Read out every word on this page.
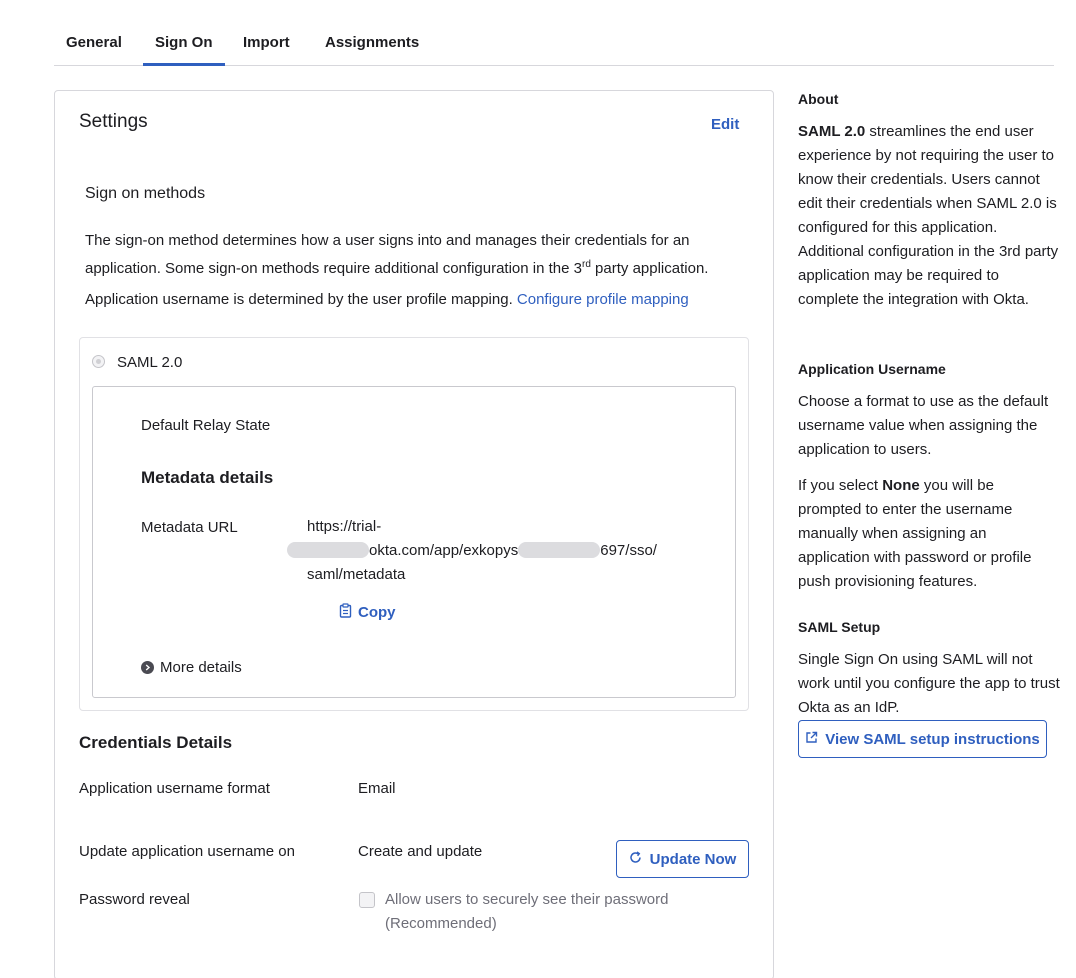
General Sign On Import Assignments
Settings	Edit
Sign on methods
The sign-on method determines how a user signs into and manages their credentials for an
application. Some sign-on methods require additional configuration in the 3rd party application.
Application username is determined by the user profile mapping. Configure profile mapping
SAML 2.0
Default Relay State
Metadata details
Metadata URL	https://trial-
okta.com/app/exkopys	697/sso/
saml/metadata
Copy
More details
Credentials Details
Application username format	Email
Update application username on	Create and update	Update Now
Password reveal	Allow users to securely see their password
(Recommended)
About
SAML 2.0 streamlines the end user experience by not requiring the user to know their credentials. Users cannot edit their credentials when SAML 2.0 is configured for this application. Additional configuration in the 3rd party application may be required to complete the integration with Okta.
Application Username
Choose a format to use as the default username value when assigning the application to users.
If you select None you will be prompted to enter the username manually when assigning an application with password or profile push provisioning features.
SAML Setup
Single Sign On using SAML will not work until you configure the app to trust Okta as an IdP.
View SAML setup instructions
